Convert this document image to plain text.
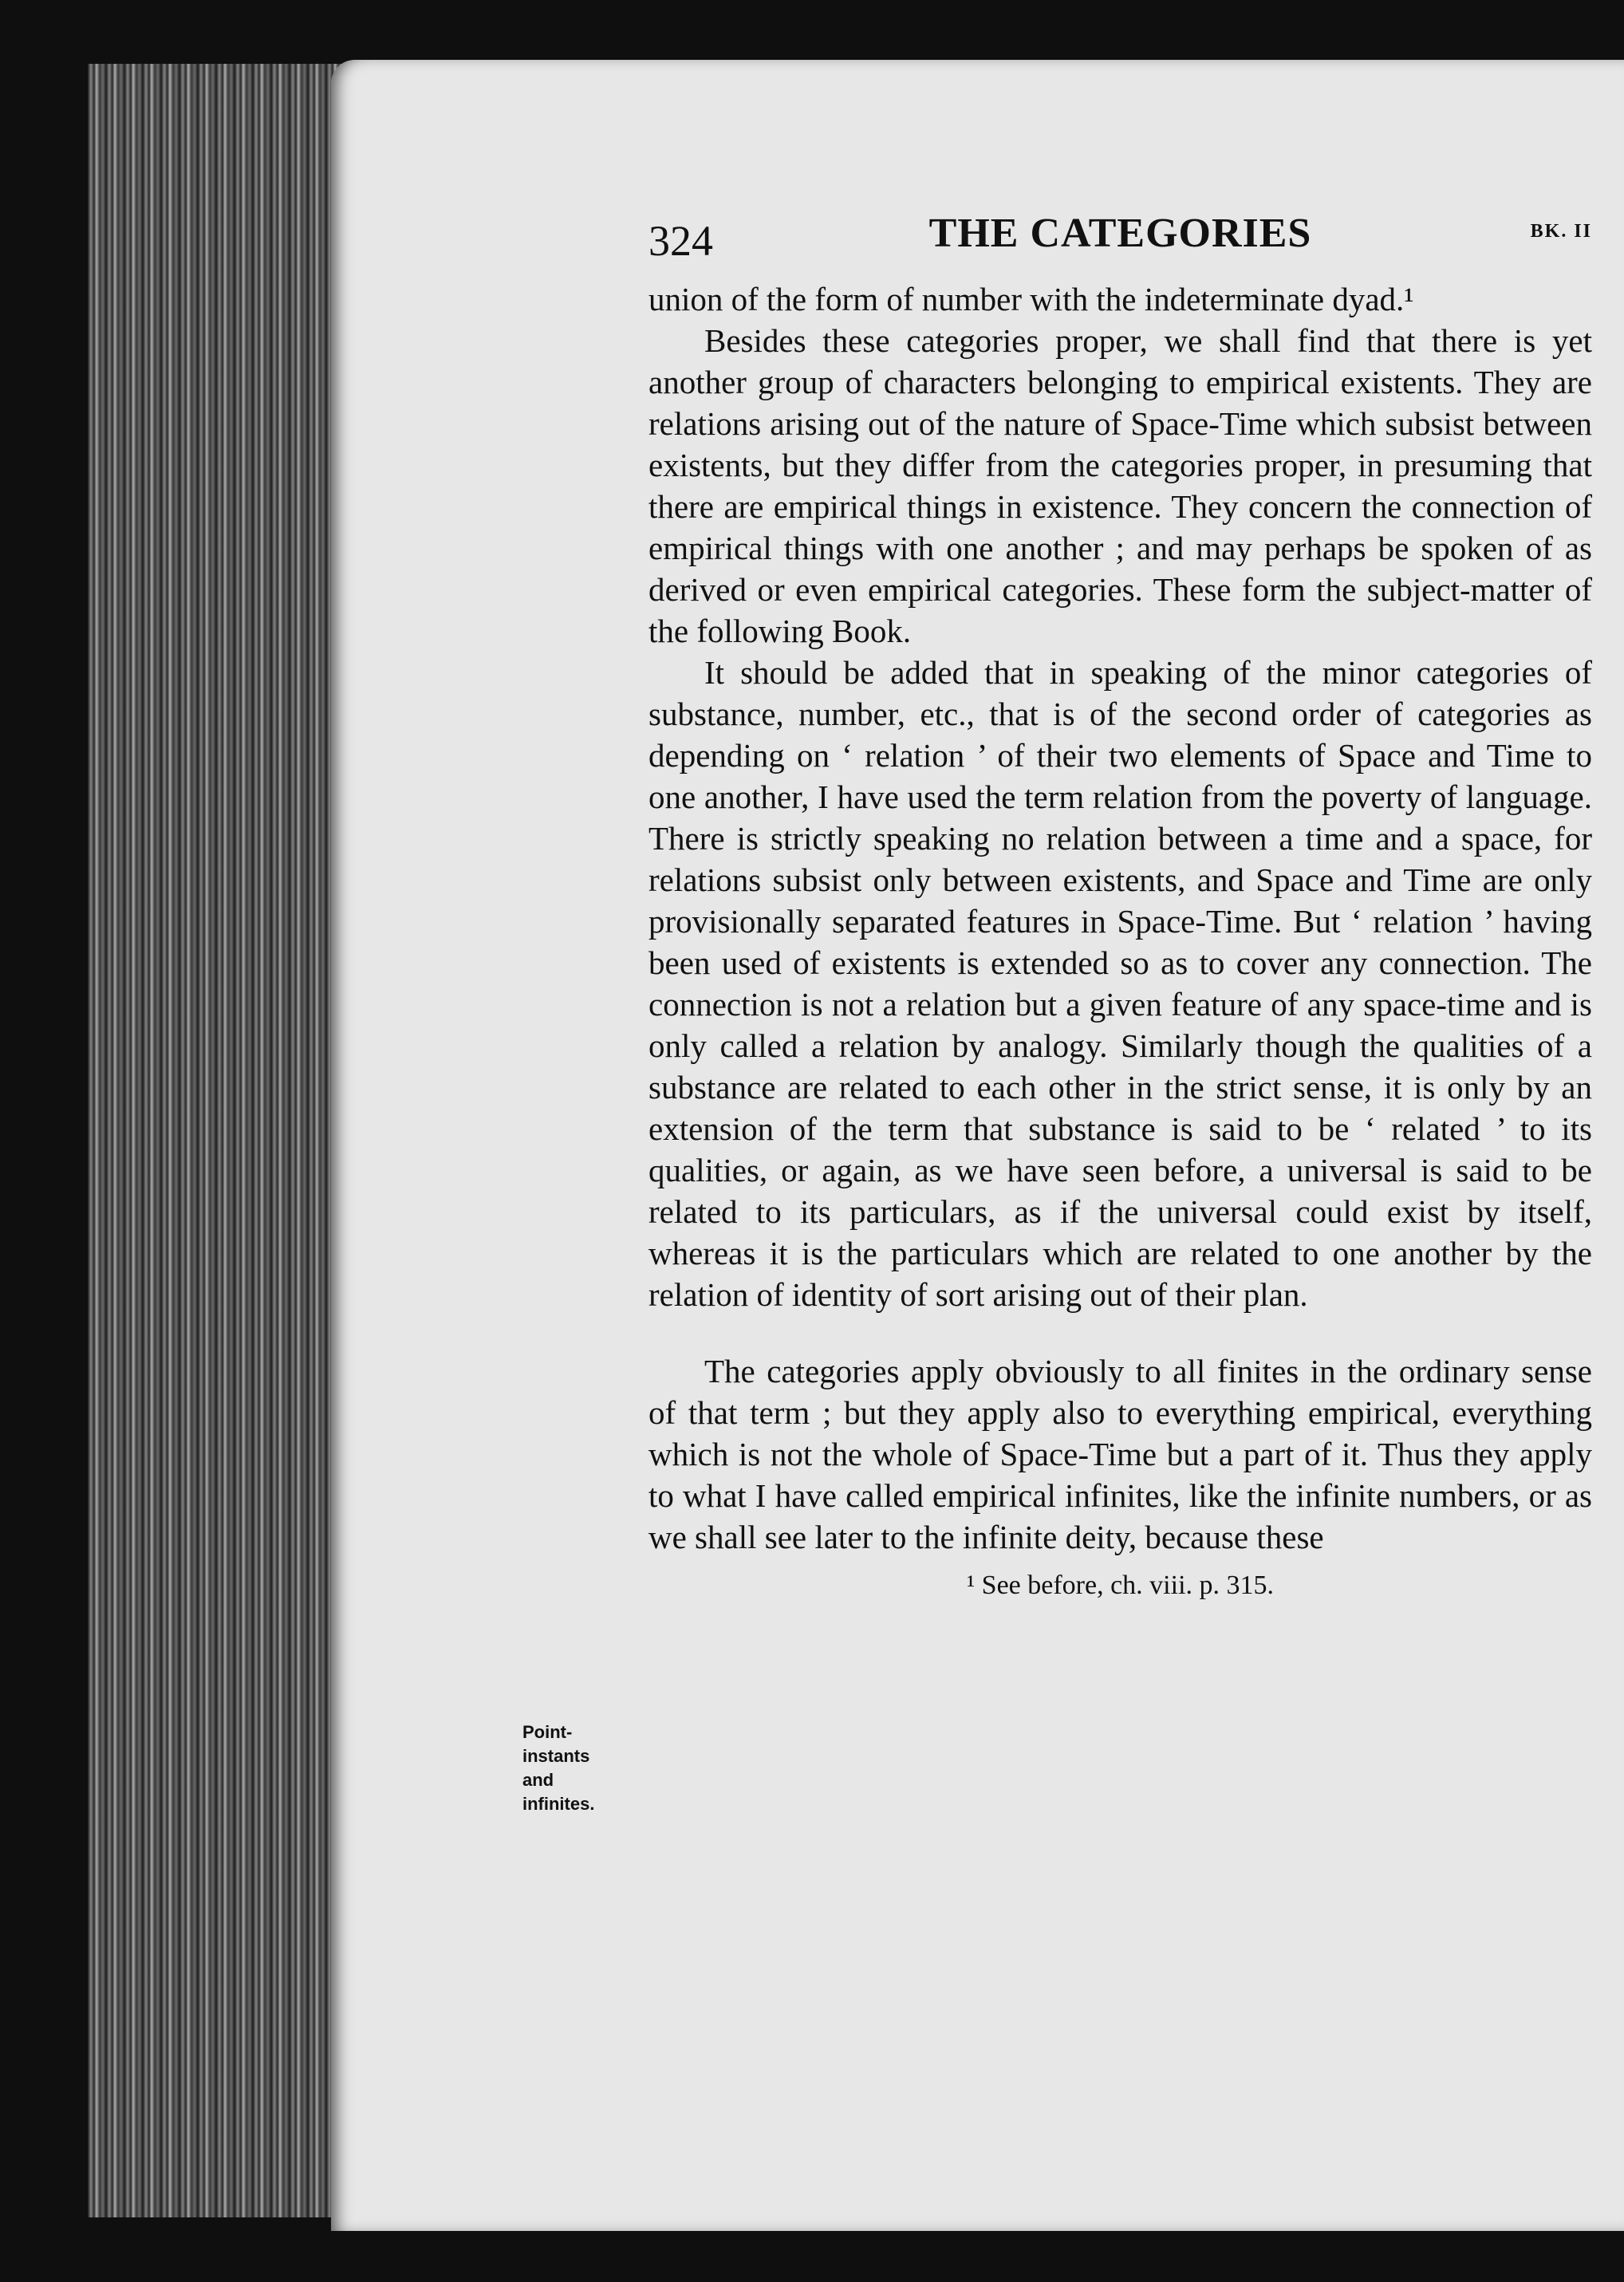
Point-
instants
and
infinites.
324	THE CATEGORIES	BK. II

union of the form of number with the indeterminate dyad.¹

Besides these categories proper, we shall find that there is yet another group of characters belonging to empirical existents. They are relations arising out of the nature of Space-Time which subsist between existents, but they differ from the categories proper, in presuming that there are empirical things in existence. They concern the connection of empirical things with one another ; and may perhaps be spoken of as derived or even empirical categories. These form the subject-matter of the following Book.

It should be added that in speaking of the minor categories of substance, number, etc., that is of the second order of categories as depending on ‘ relation ’ of their two elements of Space and Time to one another, I have used the term relation from the poverty of language. There is strictly speaking no relation between a time and a space, for relations subsist only between existents, and Space and Time are only provisionally separated features in Space-Time. But ‘ relation ’ having been used of existents is extended so as to cover any connection. The connection is not a relation but a given feature of any space-time and is only called a relation by analogy. Similarly though the qualities of a substance are related to each other in the strict sense, it is only by an extension of the term that substance is said to be ‘ related ’ to its qualities, or again, as we have seen before, a universal is said to be related to its particulars, as if the universal could exist by itself, whereas it is the particulars which are related to one another by the relation of identity of sort arising out of their plan.

The categories apply obviously to all finites in the ordinary sense of that term ; but they apply also to everything empirical, everything which is not the whole of Space-Time but a part of it. Thus they apply to what I have called empirical infinites, like the infinite numbers, or as we shall see later to the infinite deity, because these

¹ See before, ch. viii. p. 315.
